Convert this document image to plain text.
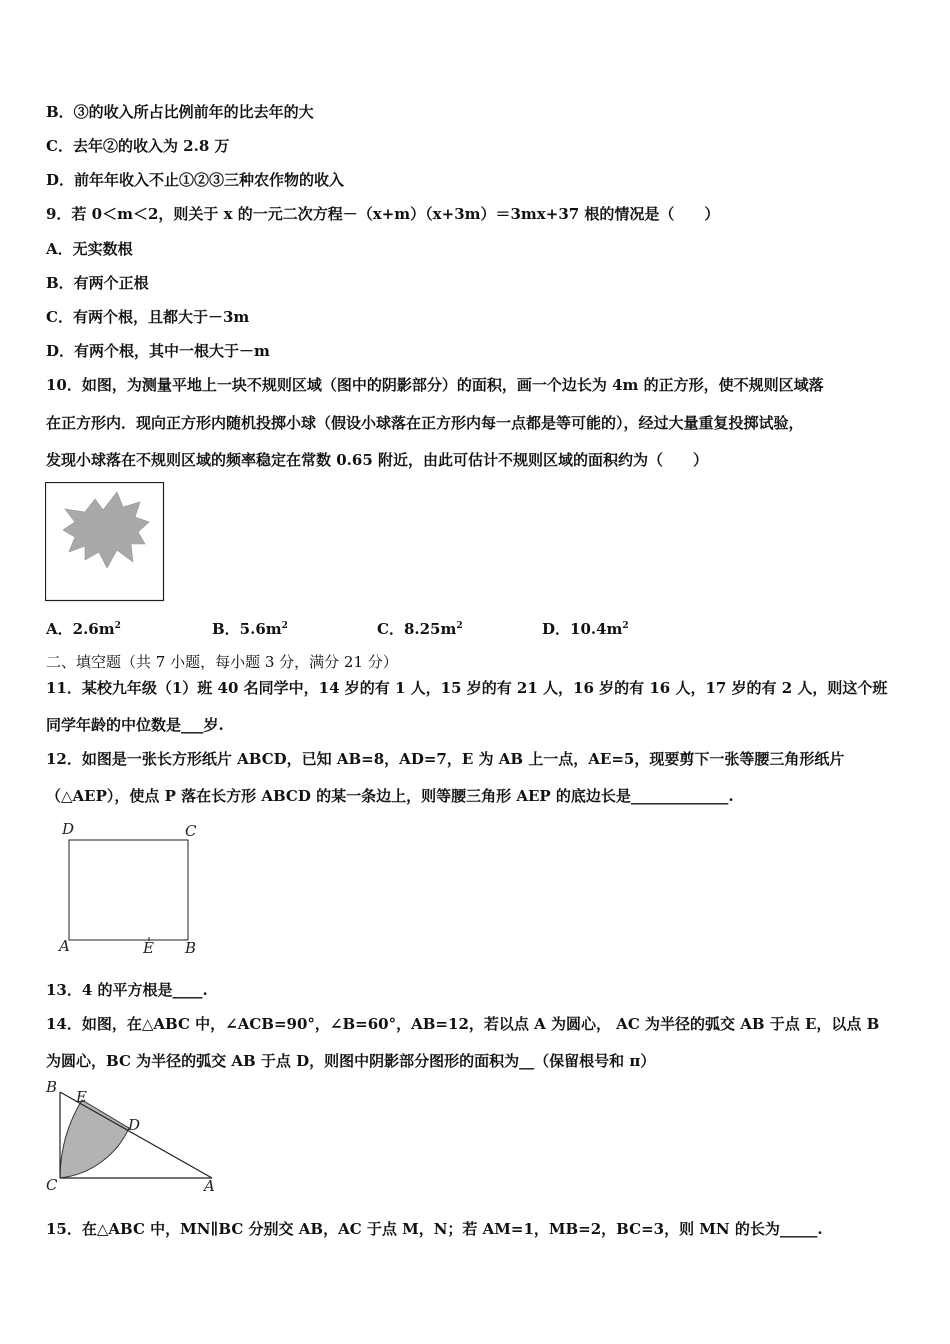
B．③的收入所占比例前年的比去年的大
C．去年②的收入为 2.8 万
D．前年年收入不止①②③三种农作物的收入
9．若 0＜m＜2，则关于 x 的一元二次方程－（x+m）（x+3m）＝3mx+37 根的情况是（　　）
A．无实数根
B．有两个正根
C．有两个根，且都大于－3m
D．有两个根，其中一根大于－m
10．如图，为测量平地上一块不规则区域（图中的阴影部分）的面积，画一个边长为 4m 的正方形，使不规则区域落
在正方形内．现向正方形内随机投掷小球（假设小球落在正方形内每一点都是等可能的），经过大量重复投掷试验，
发现小球落在不规则区域的频率稳定在常数 0.65 附近，由此可估计不规则区域的面积约为（　　）
A．$2.6m^2$	B．$5.6m^2$	C．$8.25m^2$	D．$10.4m^2$
二、填空题（共 7 小题，每小题 3 分，满分 21 分）
11．某校九年级（1）班 40 名同学中，14 岁的有 1 人，15 岁的有 21 人，16 岁的有 16 人，17 岁的有 2 人，则这个班
同学年龄的中位数是___岁.
12．如图是一张长方形纸片 ABCD，已知 AB=8，AD=7，E 为 AB 上一点，AE=5，现要剪下一张等腰三角形纸片
（△AEP），使点 P 落在长方形 ABCD 的某一条边上，则等腰三角形 AEP 的底边长是_____________.
D	C
A	E B
13．4 的平方根是____.
14．如图，在△ABC 中，∠ACB=90°，∠B=60°，AB=12，若以点 A 为圆心， AC 为半径的弧交 AB 于点 E，以点 B
为圆心，BC 为半径的弧交 AB 于点 D，则图中阴影部分图形的面积为__（保留根号和 π）
B
E
D
C	A
15．在△ABC 中，MN∥BC 分别交 AB，AC 于点 M，N；若 AM=1，MB=2，BC=3，则 MN 的长为_____.
